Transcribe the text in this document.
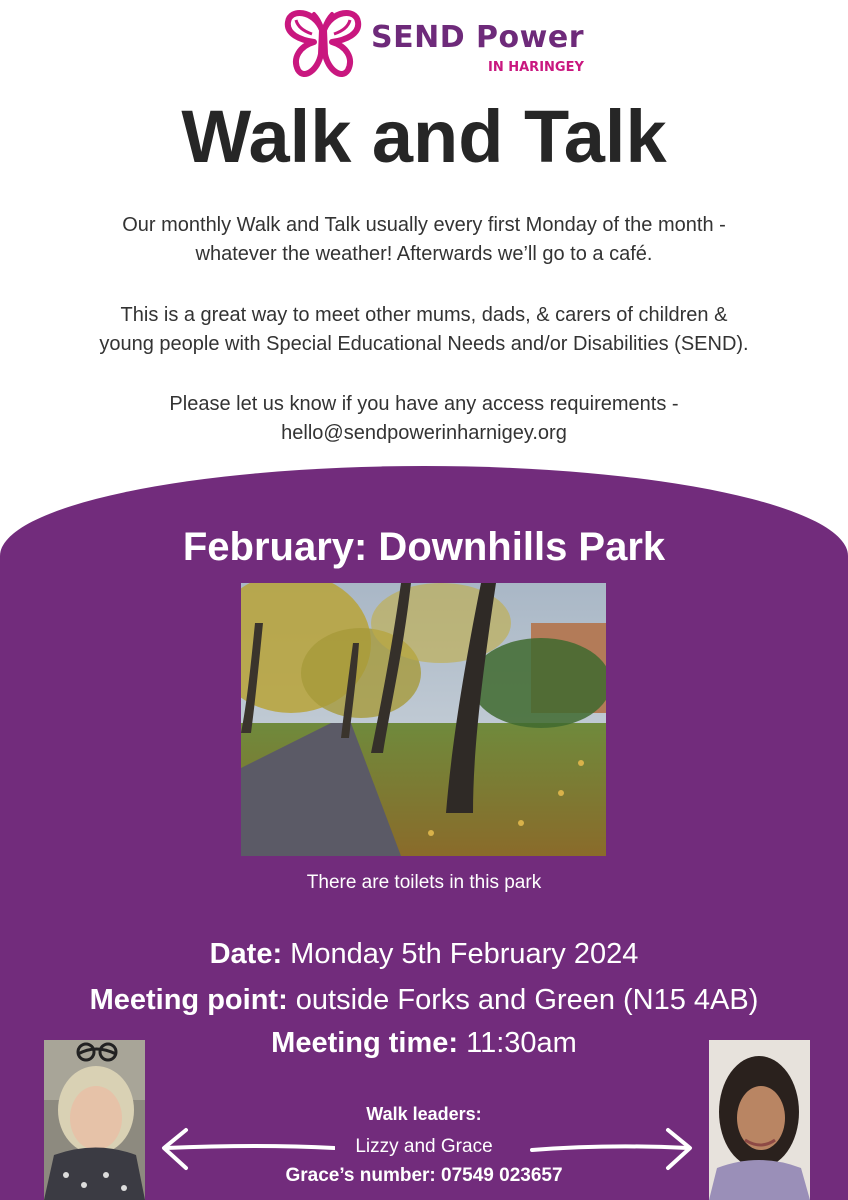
SEND Power
IN HARINGEY
Walk and Talk

Our monthly Walk and Talk usually every first Monday of the month -
whatever the weather! Afterwards we’ll go to a café.

This is a great way to meet other mums, dads, & carers of children &
young people with Special Educational Needs and/or Disabilities (SEND).

Please let us know if you have any access requirements -
hello@sendpowerinharnigey.org

February: Downhills Park
There are toilets in this park
Date: Monday 5th February 2024
Meeting point: outside Forks and Green (N15 4AB)
Meeting time: 11:30am
Walk leaders:
Lizzy and Grace
Grace’s number: 07549 023657
